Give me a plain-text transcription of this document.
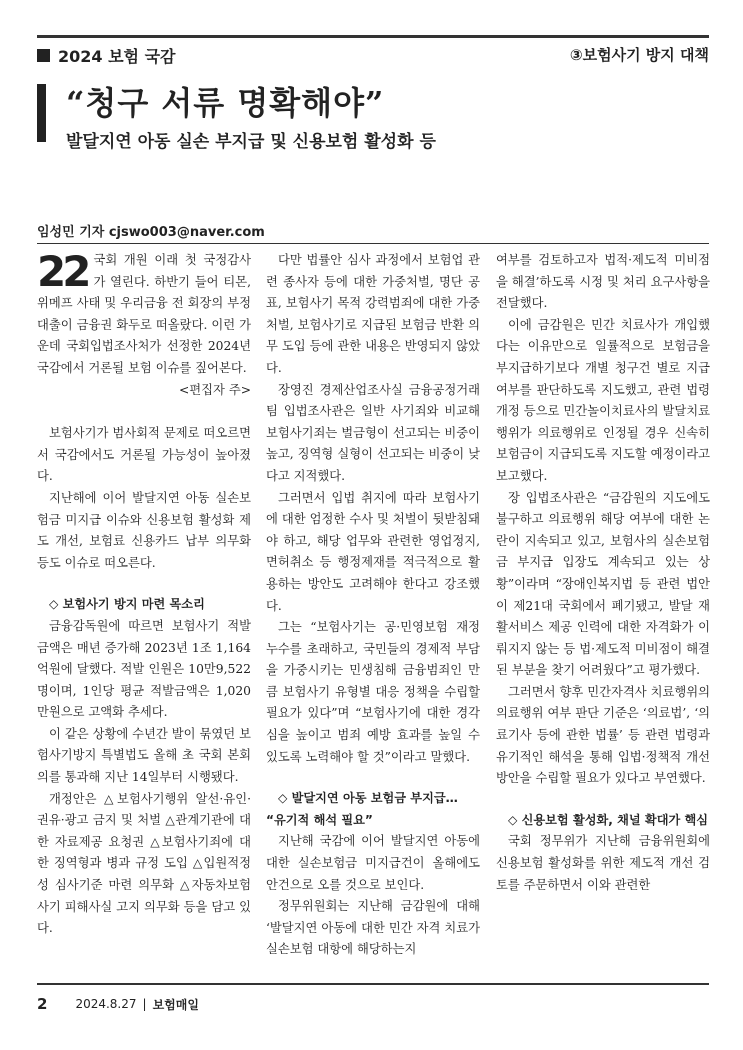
2024 보험 국감	③보험사기 방지 대책
“청구 서류 명확해야”
발달지연 아동 실손 부지급 및 신용보험 활성화 등
임성민 기자 cjswo003@naver.com

22 국회 개원 이래 첫 국정감사가 열린다. 하반기 들어 티몬, 위메프 사태 및 우리금융 전 회장의 부정 대출이 금융권 화두로 떠올랐다. 이런 가운데 국회입법조사처가 선정한 2024년 국감에서 거론될 보험 이슈를 짚어본다.

<편집자 주>

보험사기가 범사회적 문제로 떠오르면서 국감에서도 거론될 가능성이 높아졌다.

지난해에 이어 발달지연 아동 실손보험금 미지급 이슈와 신용보험 활성화 제도 개선, 보험료 신용카드 납부 의무화 등도 이슈로 떠오른다.

◇ 보험사기 방지 마련 목소리

금융감독원에 따르면 보험사기 적발 금액은 매년 증가해 2023년 1조 1,164억원에 달했다. 적발 인원은 10만9,522명이며, 1인당 평균 적발금액은 1,020만원으로 고액화 추세다.

이 같은 상황에 수년간 발이 묶였던 보험사기방지 특별법도 올해 초 국회 본회의를 통과해 지난 14일부터 시행됐다.

개정안은 △보험사기행위 알선·유인·권유·광고 금지 및 처벌 △관계기관에 대한 자료제공 요청권 △보험사기죄에 대한 징역형과 병과 규정 도입 △입원적정성 심사기준 마련 의무화 △자동차보험사기 피해사실 고지 의무화 등을 담고 있다.

다만 법률안 심사 과정에서 보험업 관련 종사자 등에 대한 가중처벌, 명단 공표, 보험사기 목적 강력범죄에 대한 가중처벌, 보험사기로 지급된 보험금 반환 의무 도입 등에 관한 내용은 반영되지 않았다.

장영진 경제산업조사실 금융공정거래팀 입법조사관은 일반 사기죄와 비교해 보험사기죄는 벌금형이 선고되는 비중이 높고, 징역형 실형이 선고되는 비중이 낮다고 지적했다.

그러면서 입법 취지에 따라 보험사기에 대한 엄정한 수사 및 처벌이 뒷받침돼야 하고, 해당 업무와 관련한 영업정지, 면허취소 등 행정제재를 적극적으로 활용하는 방안도 고려해야 한다고 강조했다.

그는 “보험사기는 공·민영보험 재정 누수를 초래하고, 국민들의 경제적 부담을 가중시키는 민생침해 금융범죄인 만큼 보험사기 유형별 대응 정책을 수립할 필요가 있다”며 “보험사기에 대한 경각심을 높이고 범죄 예방 효과를 높일 수 있도록 노력해야 할 것”이라고 말했다.

◇ 발달지연 아동 보험금 부지급…

“유기적 해석 필요”

지난해 국감에 이어 발달지연 아동에 대한 실손보험금 미지급건이 올해에도 안건으로 오를 것으로 보인다.

정무위원회는 지난해 금감원에 대해 ‘발달지연 아동에 대한 민간 자격 치료가 실손보험 대항에 해당하는지

여부를 검토하고자 법적·제도적 미비점을 해결’하도록 시정 및 처리 요구사항을 전달했다.

이에 금감원은 민간 치료사가 개입했다는 이유만으로 일률적으로 보험금을 부지급하기보다 개별 청구건 별로 지급 여부를 판단하도록 지도했고, 관련 법령 개정 등으로 민간놀이치료사의 발달치료 행위가 의료행위로 인정될 경우 신속히 보험금이 지급되도록 지도할 예정이라고 보고했다.

장 입법조사관은 “금감원의 지도에도 불구하고 의료행위 해당 여부에 대한 논란이 지속되고 있고, 보험사의 실손보험금 부지급 입장도 계속되고 있는 상황”이라며 “장애인복지법 등 관련 법안이 제21대 국회에서 폐기됐고, 발달 재활서비스 제공 인력에 대한 자격화가 이뤄지지 않는 등 법·제도적 미비점이 해결된 부분을 찾기 어려웠다”고 평가했다.

그러면서 향후 민간자격사 치료행위의 의료행위 여부 판단 기준은 ‘의료법’, ‘의료기사 등에 관한 법률’ 등 관련 법령과 유기적인 해석을 통해 입법·정책적 개선방안을 수립할 필요가 있다고 부연했다.

◇ 신용보험 활성화, 채널 확대가 핵심

국회 정무위가 지난해 금융위원회에 신용보험 활성화를 위한 제도적 개선 검토를 주문하면서 이와 관련한

2 2024.8.27 | 보험매일
